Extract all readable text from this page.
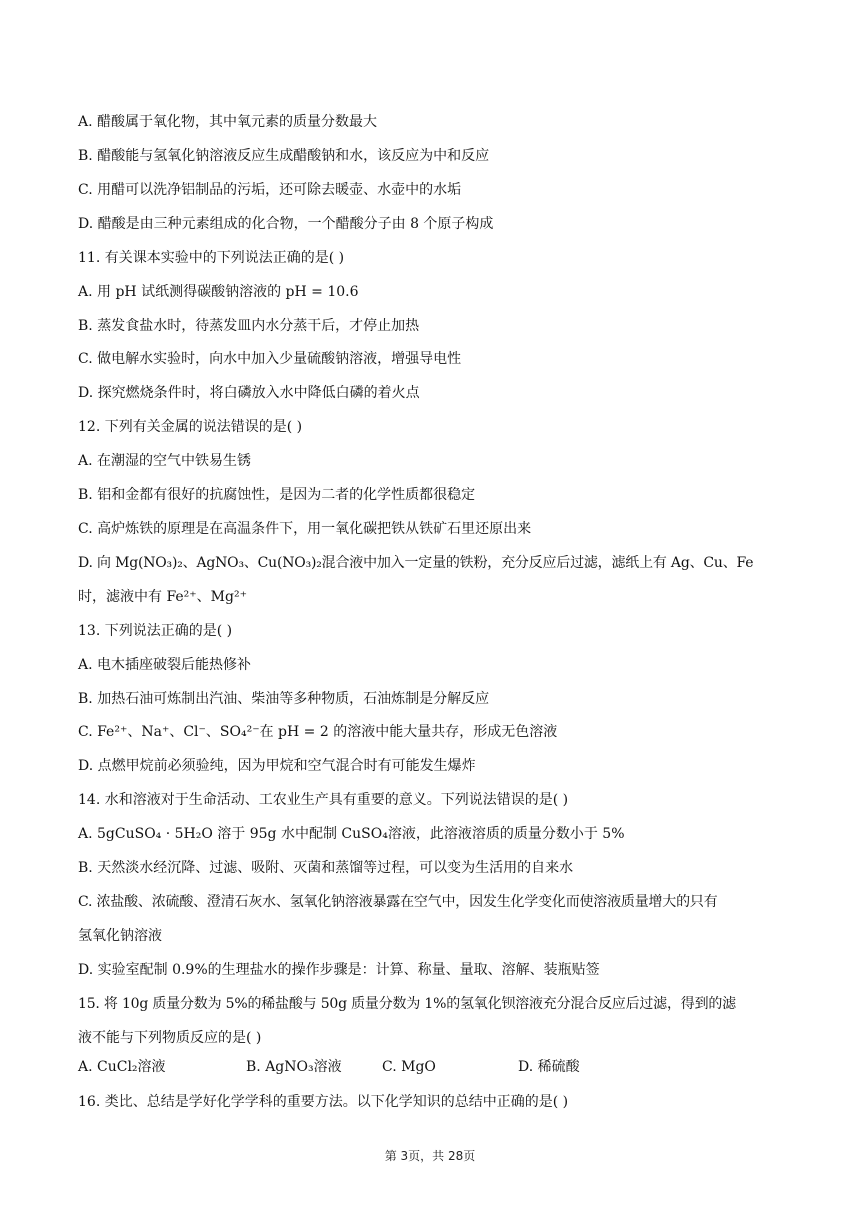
A. 醋酸属于氧化物，其中氧元素的质量分数最大
B. 醋酸能与氢氧化钠溶液反应生成醋酸钠和水，该反应为中和反应
C. 用醋可以洗净铝制品的污垢，还可除去暖壶、水壶中的水垢
D. 醋酸是由三种元素组成的化合物，一个醋酸分子由 8 个原子构成
11. 有关课本实验中的下列说法正确的是( )
A. 用 pH 试纸测得碳酸钠溶液的 pH = 10.6
B. 蒸发食盐水时，待蒸发皿内水分蒸干后，才停止加热
C. 做电解水实验时，向水中加入少量硫酸钠溶液，增强导电性
D. 探究燃烧条件时，将白磷放入水中降低白磷的着火点
12. 下列有关金属的说法错误的是( )
A. 在潮湿的空气中铁易生锈
B. 铝和金都有很好的抗腐蚀性，是因为二者的化学性质都很稳定
C. 高炉炼铁的原理是在高温条件下，用一氧化碳把铁从铁矿石里还原出来
D. 向 Mg(NO₃)₂、AgNO₃、Cu(NO₃)₂混合液中加入一定量的铁粉，充分反应后过滤，滤纸上有 Ag、Cu、Fe
时，滤液中有 Fe²⁺、Mg²⁺
13. 下列说法正确的是( )
A. 电木插座破裂后能热修补
B. 加热石油可炼制出汽油、柴油等多种物质，石油炼制是分解反应
C. Fe²⁺、Na⁺、Cl⁻、SO₄²⁻在 pH = 2 的溶液中能大量共存，形成无色溶液
D. 点燃甲烷前必须验纯，因为甲烷和空气混合时有可能发生爆炸
14. 水和溶液对于生命活动、工农业生产具有重要的意义。下列说法错误的是( )
A. 5gCuSO₄ · 5H₂O 溶于 95g 水中配制 CuSO₄溶液，此溶液溶质的质量分数小于 5%
B. 天然淡水经沉降、过滤、吸附、灭菌和蒸馏等过程，可以变为生活用的自来水
C. 浓盐酸、浓硫酸、澄清石灰水、氢氧化钠溶液暴露在空气中，因发生化学变化而使溶液质量增大的只有
氢氧化钠溶液
D. 实验室配制 0.9%的生理盐水的操作步骤是：计算、称量、量取、溶解、装瓶贴签
15. 将 10g 质量分数为 5%的稀盐酸与 50g 质量分数为 1%的氢氧化钡溶液充分混合反应后过滤，得到的滤
液不能与下列物质反应的是( )
A. CuCl₂溶液	B. AgNO₃溶液	C. MgO	D. 稀硫酸
16. 类比、总结是学好化学学科的重要方法。以下化学知识的总结中正确的是( )
第 3页，共 28页
